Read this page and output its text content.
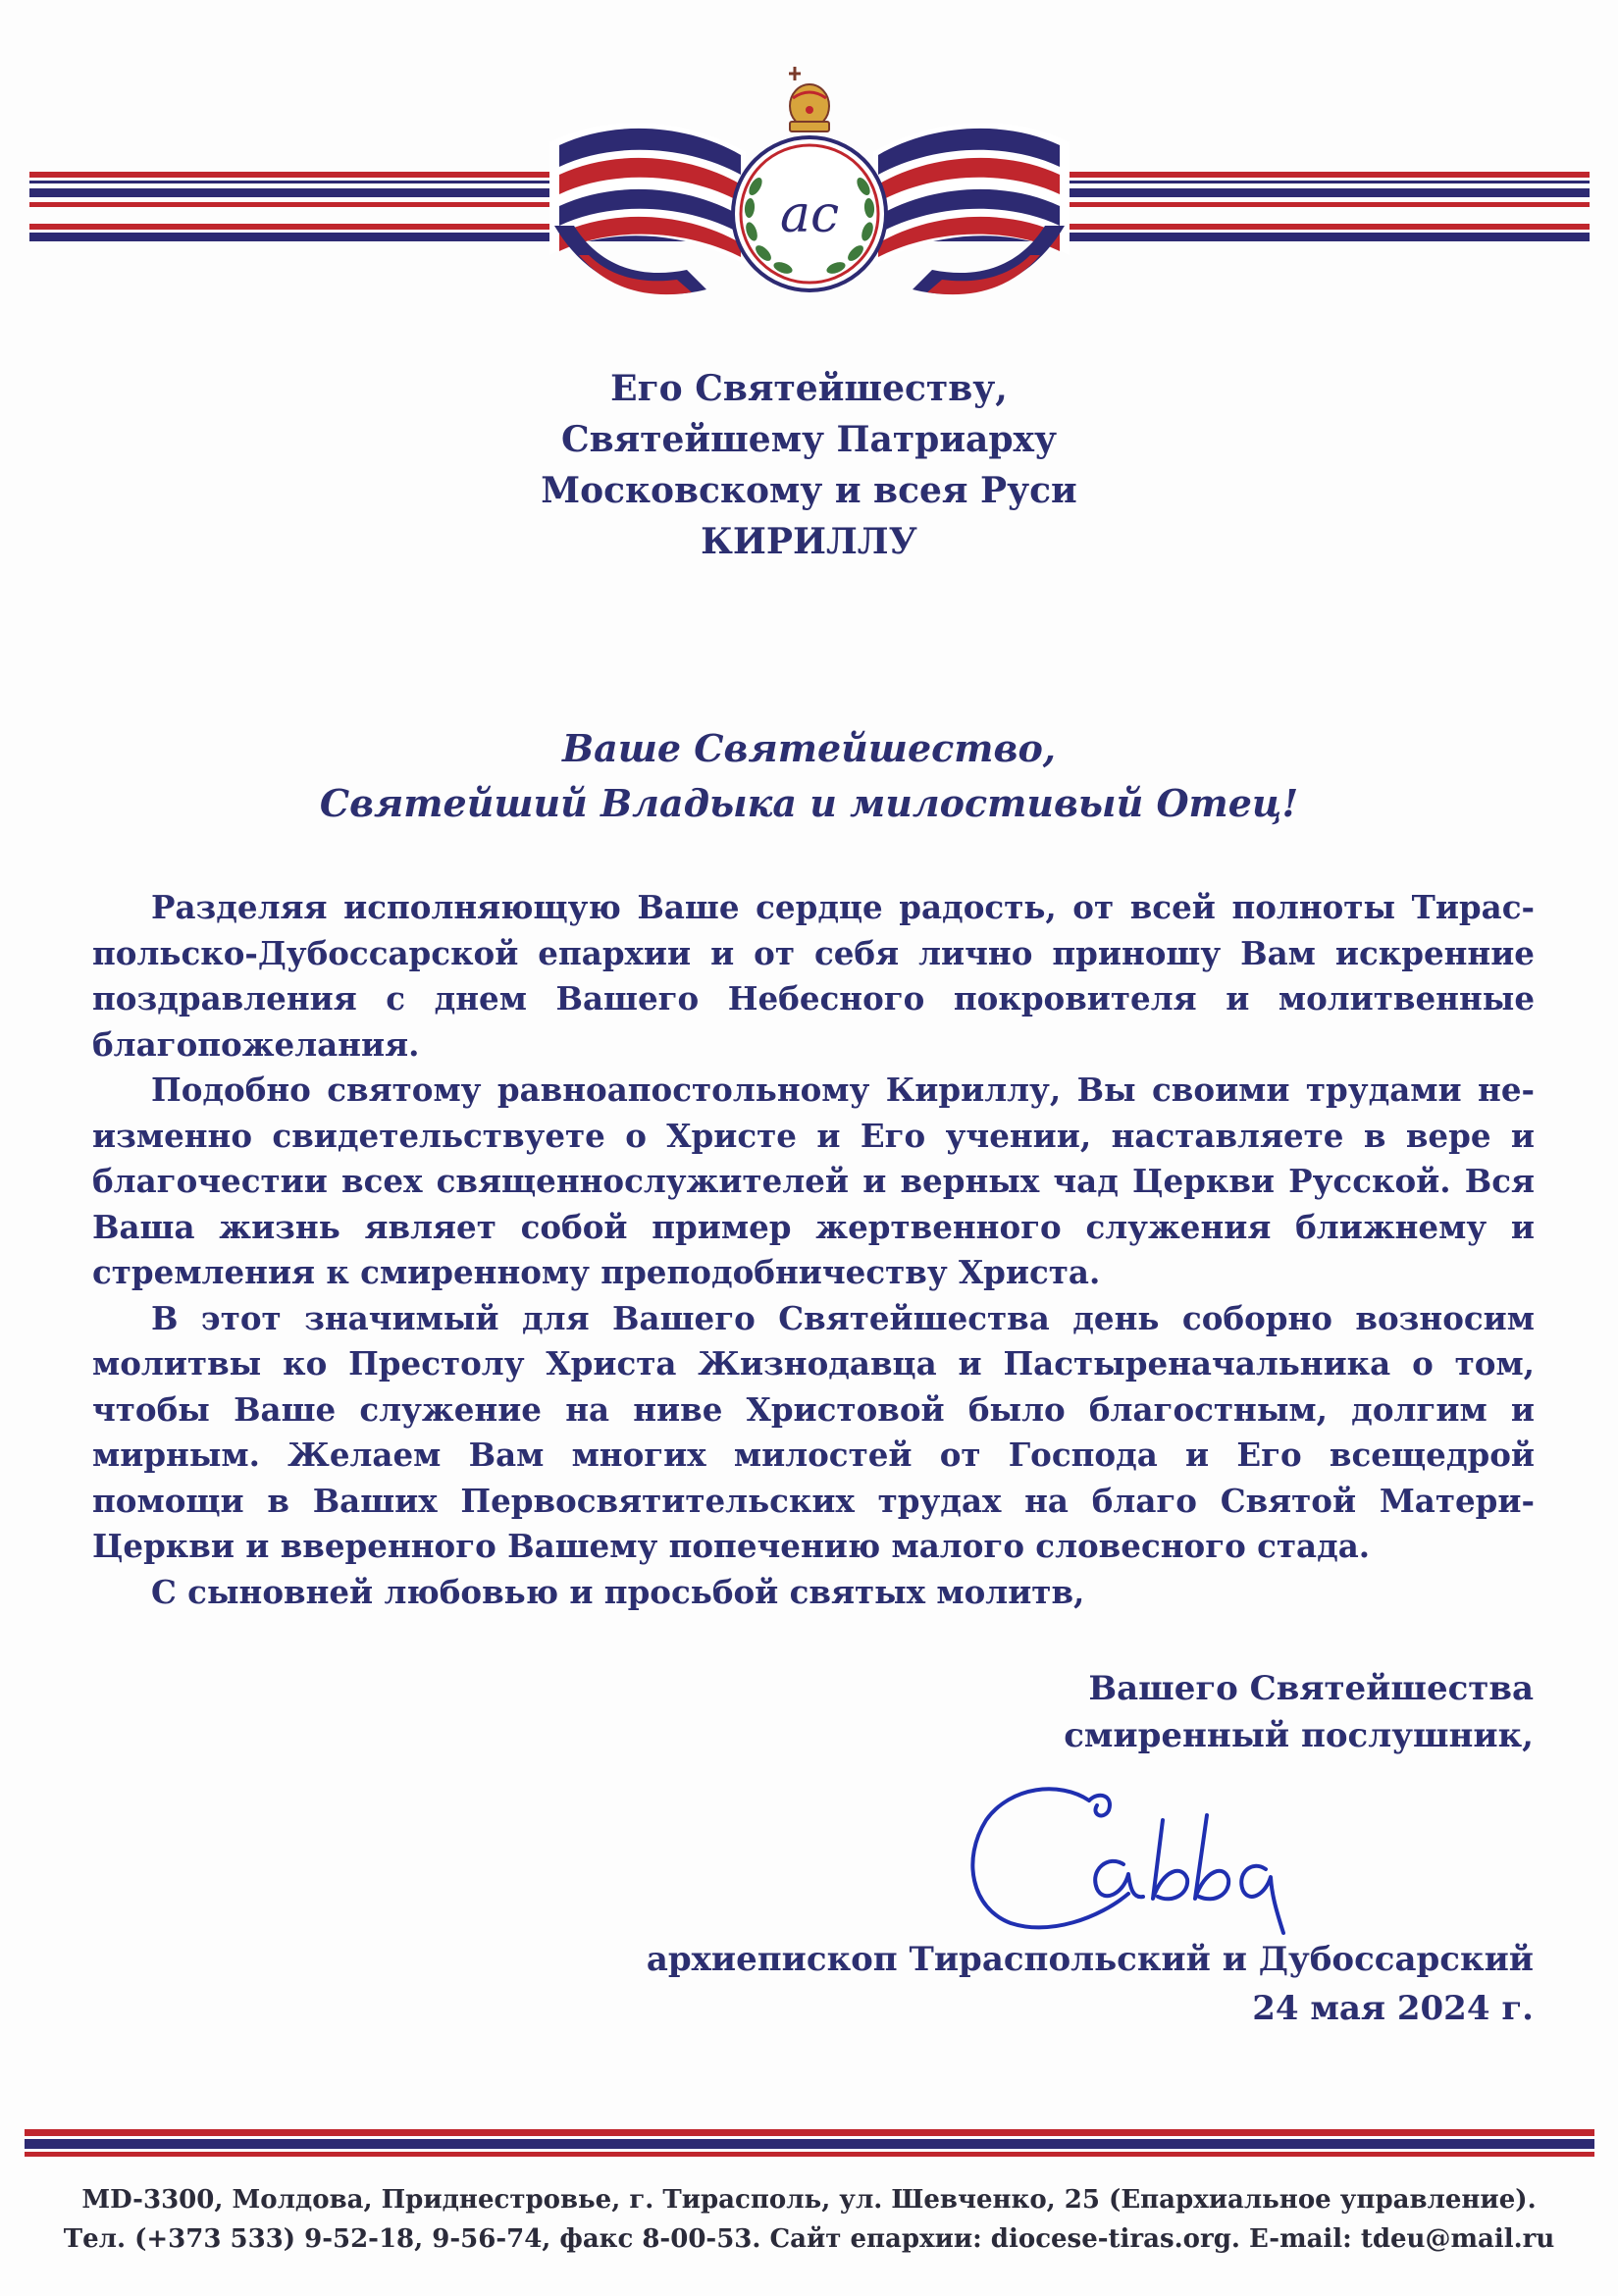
ас
Его Святейшеству,
Святейшему Патриарху
Московскому и всея Руси
КИРИЛЛУ
Ваше Святейшество,
Святейший Владыка и милостивый Отец!

Разделяя исполняющую Ваше сердце радость, от всей полноты Тираспольско-Дубоссарской епархии и от себя лично приношу Вам искренние поздравления с днем Вашего Небесного покровителя и молитвенные благопожелания.

Подобно святому равноапостольному Кириллу, Вы своими трудами неизменно свидетельствуете о Христе и Его учении, наставляете в вере и благочестии всех священнослужителей и верных чад Церкви Русской. Вся Ваша жизнь являет собой пример жертвенного служения ближнему и стремления к смиренному преподобничеству Христа.

В этот значимый для Вашего Святейшества день соборно возносим молитвы ко Престолу Христа Жизнодавца и Пастыреначальника о том, чтобы Ваше служение на ниве Христовой было благостным, долгим и мирным. Желаем Вам многих милостей от Господа и Его всещедрой помощи в Ваших Первосвятительских трудах на благо Святой Матери-Церкви и вверенного Вашему попечению малого словесного стада.

С сыновней любовью и просьбой святых молитв,

Вашего Святейшества
смиренный послушник,
архиепископ Тираспольский и Дубоссарский
24 мая 2024 г.
MD-3300, Молдова, Приднестровье, г. Тирасполь, ул. Шевченко, 25 (Епархиальное управление).
Тел. (+373 533) 9-52-18, 9-56-74, факс 8-00-53. Сайт епархии: diocese-tiras.org. E-mail: tdeu@mail.ru
